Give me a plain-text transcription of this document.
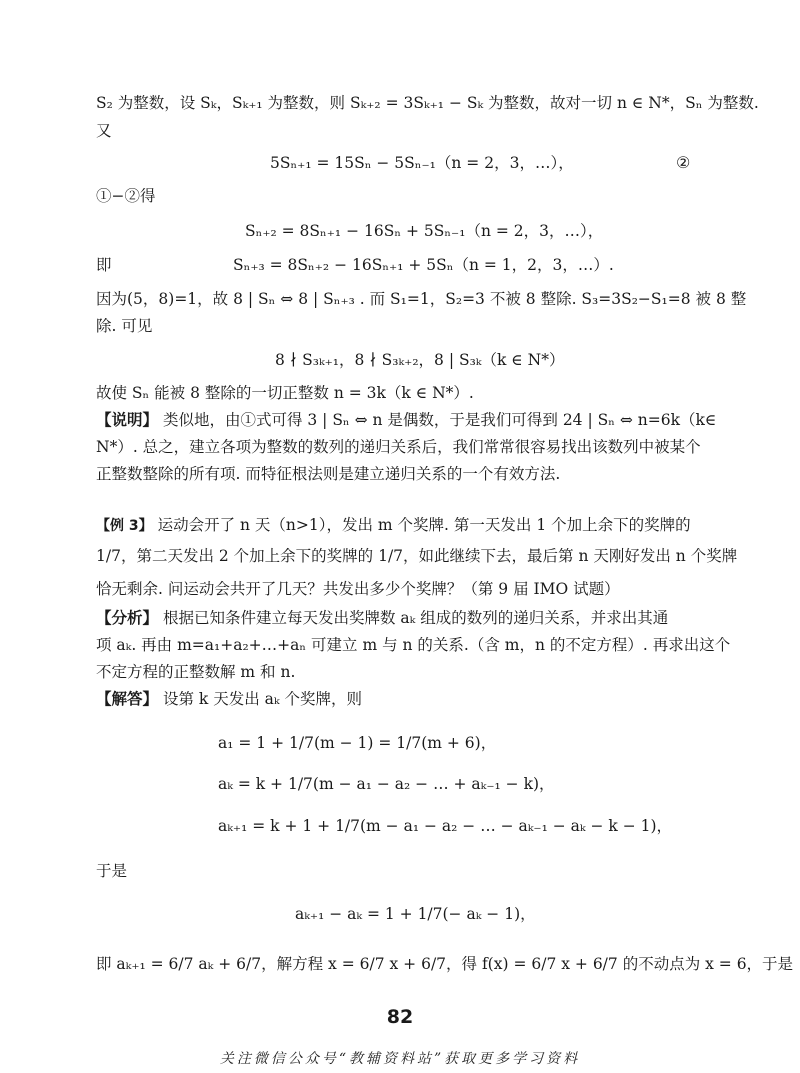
S₂ 为整数，设 Sₖ，Sₖ₊₁ 为整数，则 Sₖ₊₂ = 3Sₖ₊₁ − Sₖ 为整数，故对一切 n ∈ N*，Sₙ 为整数.
又
5Sₙ₊₁ = 15Sₙ − 5Sₙ₋₁（n = 2，3，…），	②
①−②得
Sₙ₊₂ = 8Sₙ₊₁ − 16Sₙ + 5Sₙ₋₁（n = 2，3，…），
即	Sₙ₊₃ = 8Sₙ₊₂ − 16Sₙ₊₁ + 5Sₙ（n = 1，2，3，…）.
因为(5，8)=1，故 8 | Sₙ ⇔ 8 | Sₙ₊₃ . 而 S₁=1，S₂=3 不被 8 整除. S₃=3S₂−S₁=8 被 8 整
除. 可见
8 ∤ S₃ₖ₊₁，8 ∤ S₃ₖ₊₂，8 | S₃ₖ（k ∈ N*）
故使 Sₙ 能被 8 整除的一切正整数 n = 3k（k ∈ N*）.
【说明】 类似地，由①式可得 3 | Sₙ ⇔ n 是偶数，于是我们可得到 24 | Sₙ ⇔ n=6k（k∈
N*）. 总之，建立各项为整数的数列的递归关系后，我们常常很容易找出该数列中被某个
正整数整除的所有项. 而特征根法则是建立递归关系的一个有效方法.
【例 3】 运动会开了 n 天（n>1），发出 m 个奖牌. 第一天发出 1 个加上余下的奖牌的
1/7，第二天发出 2 个加上余下的奖牌的 1/7，如此继续下去，最后第 n 天刚好发出 n 个奖牌
恰无剩余. 问运动会共开了几天？共发出多少个奖牌？（第 9 届 IMO 试题）
【分析】 根据已知条件建立每天发出奖牌数 aₖ 组成的数列的递归关系，并求出其通
项 aₖ. 再由 m=a₁+a₂+…+aₙ 可建立 m 与 n 的关系.（含 m，n 的不定方程）. 再求出这个
不定方程的正整数解 m 和 n.
【解答】 设第 k 天发出 aₖ 个奖牌，则
a₁ = 1 + 1/7(m − 1) = 1/7(m + 6)，
aₖ = k + 1/7(m − a₁ − a₂ − … + aₖ₋₁ − k)，
aₖ₊₁ = k + 1 + 1/7(m − a₁ − a₂ − … − aₖ₋₁ − aₖ − k − 1)，
于是
aₖ₊₁ − aₖ = 1 + 1/7(− aₖ − 1)，
即 aₖ₊₁ = 6/7 aₖ + 6/7，解方程 x = 6/7 x + 6/7，得 f(x) = 6/7 x + 6/7 的不动点为 x = 6，于是
82
关注微信公众号“教辅资料站”获取更多学习资料
